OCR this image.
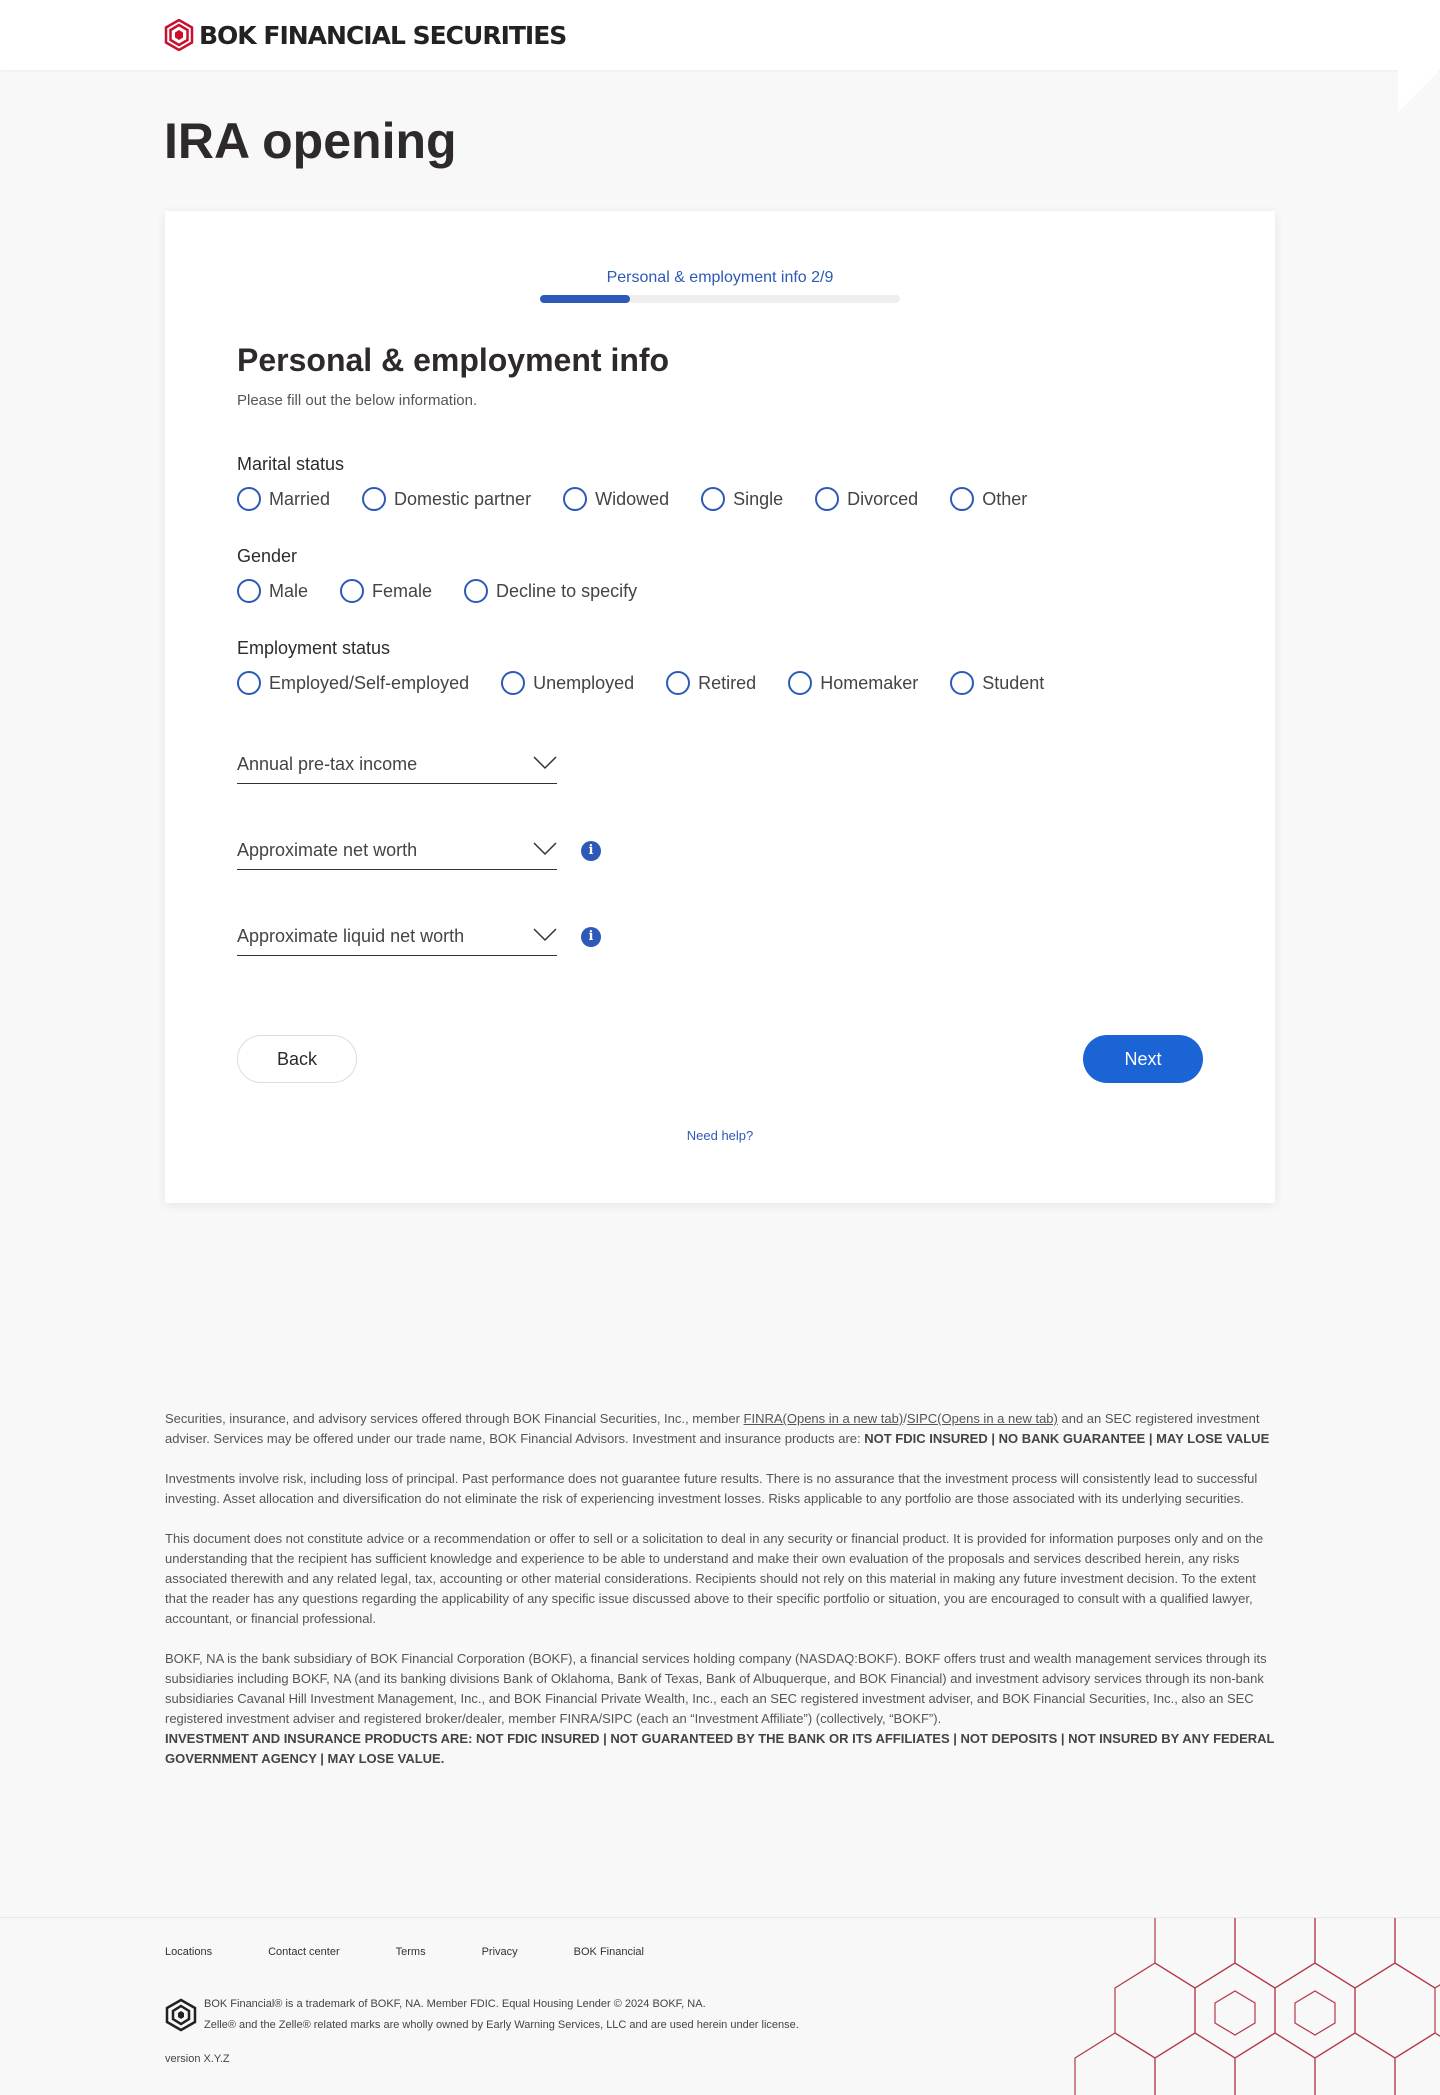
BOK FINANCIAL SECURITIES
IRA opening
Personal & employment info 2/9
Personal & employment info

Please fill out the below information.

Marital status
Married	Domestic partner	Widowed	Single	Divorced	Other
Gender
Male	Female	Decline to specify
Employment status
Employed/Self-employed	Unemployed	Retired	Homemaker	Student
Annual pre-tax income
Approximate net worth	i
Approximate liquid net worth	i
Back	Next
Need help?

Securities, insurance, and advisory services offered through BOK Financial Securities, Inc., member FINRA(Opens in a new tab)/SIPC(Opens in a new tab) and an SEC registered investment adviser. Services may be offered under our trade name, BOK Financial Advisors. Investment and insurance products are: NOT FDIC INSURED | NO BANK GUARANTEE | MAY LOSE VALUE

Investments involve risk, including loss of principal. Past performance does not guarantee future results. There is no assurance that the investment process will consistently lead to successful investing. Asset allocation and diversification do not eliminate the risk of experiencing investment losses. Risks applicable to any portfolio are those associated with its underlying securities.

This document does not constitute advice or a recommendation or offer to sell or a solicitation to deal in any security or financial product. It is provided for information purposes only and on the understanding that the recipient has sufficient knowledge and experience to be able to understand and make their own evaluation of the proposals and services described herein, any risks associated therewith and any related legal, tax, accounting or other material considerations. Recipients should not rely on this material in making any future investment decision. To the extent that the reader has any questions regarding the applicability of any specific issue discussed above to their specific portfolio or situation, you are encouraged to consult with a qualified lawyer, accountant, or financial professional.

BOKF, NA is the bank subsidiary of BOK Financial Corporation (BOKF), a financial services holding company (NASDAQ:BOKF). BOKF offers trust and wealth management services through its subsidiaries including BOKF, NA (and its banking divisions Bank of Oklahoma, Bank of Texas, Bank of Albuquerque, and BOK Financial) and investment advisory services through its non-bank subsidiaries Cavanal Hill Investment Management, Inc., and BOK Financial Private Wealth, Inc., each an SEC registered investment adviser, and BOK Financial Securities, Inc., also an SEC registered investment adviser and registered broker/dealer, member FINRA/SIPC (each an “Investment Affiliate”) (collectively, “BOKF”).
INVESTMENT AND INSURANCE PRODUCTS ARE: NOT FDIC INSURED | NOT GUARANTEED BY THE BANK OR ITS AFFILIATES | NOT DEPOSITS | NOT INSURED BY ANY FEDERAL GOVERNMENT AGENCY | MAY LOSE VALUE.

Locations	Contact center	Terms	Privacy	BOK Financial
BOK Financial® is a trademark of BOKF, NA. Member FDIC. Equal Housing Lender © 2024 BOKF, NA.
Zelle® and the Zelle® related marks are wholly owned by Early Warning Services, LLC and are used herein under license.
version X.Y.Z
